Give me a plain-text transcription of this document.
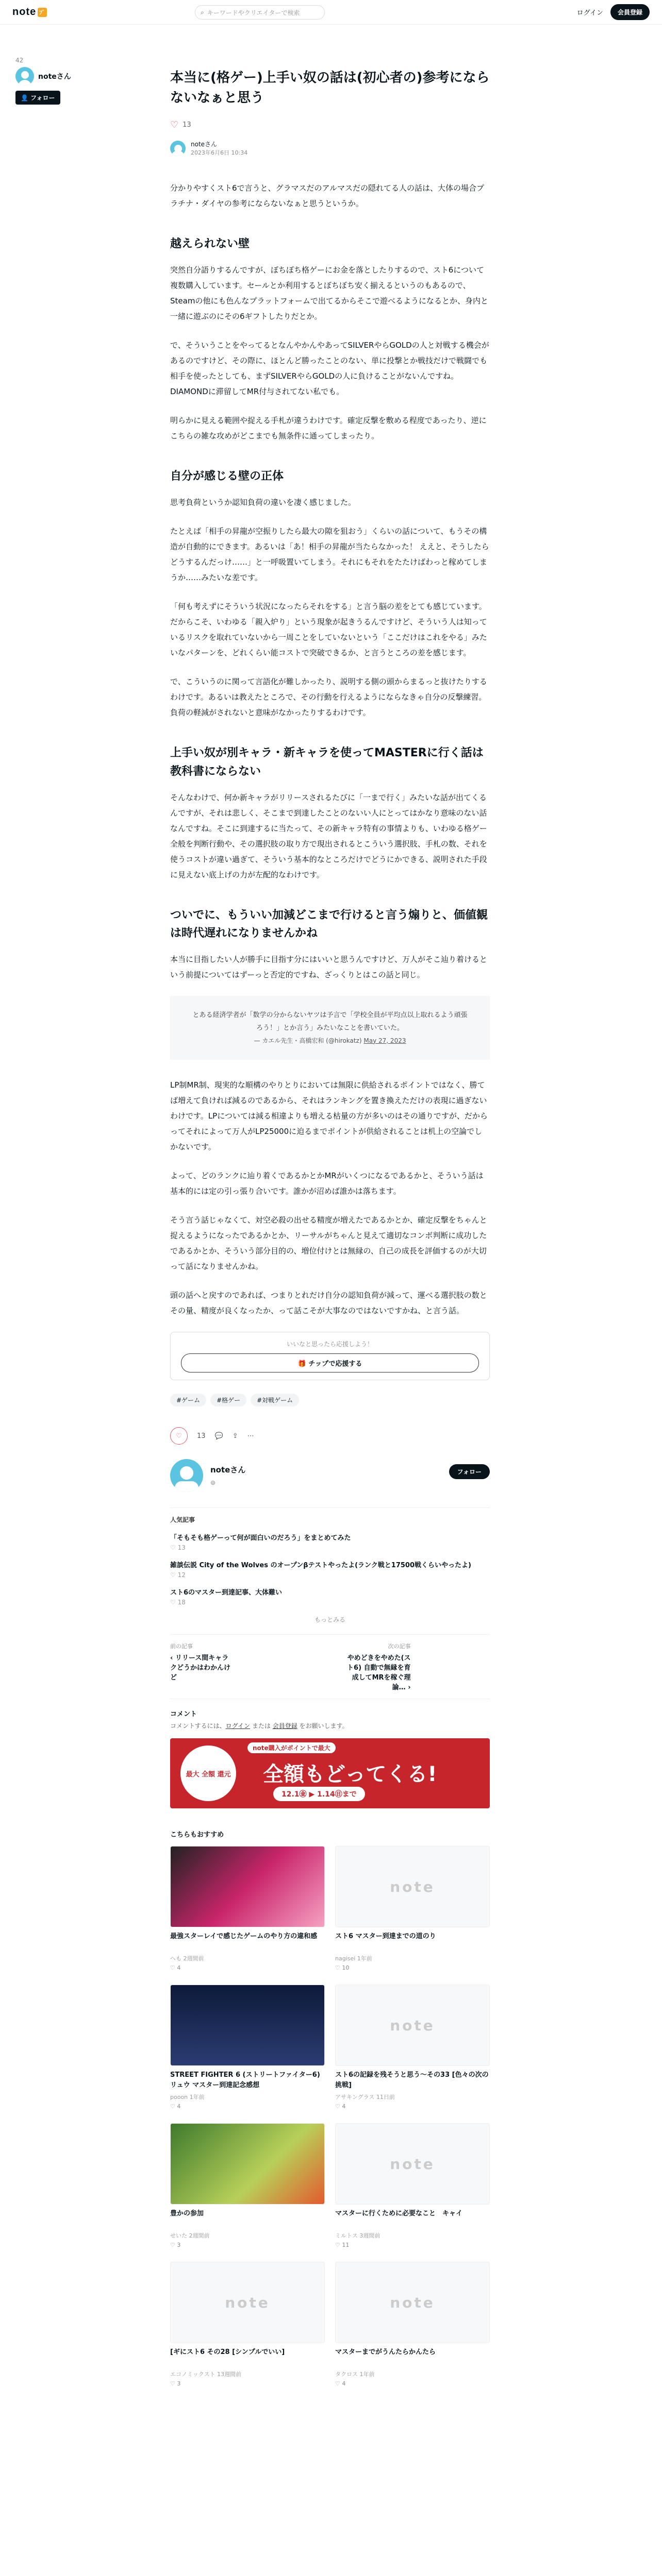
note ﾌﾞ	⌕ キーワードやクリエイターで検索	ログイン	会員登録
42
noteさん
👤 フォロー
本当に(格ゲー)上手い奴の話は(初心者の)参考にならないなぁと思う
♡ 13
noteさん
2023年6月6日 10:34

分かりやすくスト6で言うと、グラマスだのアルマスだの隠れてる人の話は、大体の場合プラチナ・ダイヤの参考にならないなぁと思うというか。

越えられない壁

突然自分語りするんですが、ぼちぼち格ゲーにお金を落としたりするので、スト6について複数購入しています。セールとか利用するとぼちぼち安く揃えるというのもあるので、Steamの他にも色んなプラットフォームで出てるからそこで遊べるようになるとか、身内と一緒に遊ぶのにその6ギフトしたりだとか。

で、そういうことをやってるとなんやかんやあってSILVERやらGOLDの人と対戦する機会があるのですけど、その際に、ほとんど勝ったことのない、単に投撃とか戦技だけで戦闘でも相手を使ったとしても、まずSILVERやらGOLDの人に負けることがないんですね。DIAMONDに滞留してMR付与されてない私でも。

明らかに見える範囲や捉える手札が違うわけです。確定反撃を敷める程度であったり、逆にこちらの雑な攻めがどこまでも無条件に通ってしまったり。

自分が感じる壁の正体

思考負荷というか認知負荷の違いを凄く感じました。

たとえば「相手の昇龍が空振りしたら最大の隙を狙おう」くらいの話について、もうその構造が自動的にできます。あるいは「あ！相手の昇龍が当たらなかった！ ええと、そうしたらどうするんだっけ……」と一呼吸置いてしまう。それにもそれをたたけばわっと稼めてしまうか……みたいな差です。

「何も考えずにそういう状況になったらそれをする」と言う脳の差をとても感じています。だからこそ、いわゆる「親入炉り」という現象が起きうるんですけど、そういう人は知っているリスクを取れていないから一周ことをしていないという「ここだけはこれをやる」みたいなパターンを、どれくらい能コストで突破できるか、と言うところの差を感じます。

で、こういうのに関って言語化が難しかったり、説明する側の頭からまるっと抜けたりするわけです。あるいは教えたところで、その行動を行えるようにならなきゃ自分の反撃練習。負荷の軽減がされないと意味がなかったりするわけです。

上手い奴が別キャラ・新キャラを使ってMASTERに行く話は教科書にならない

そんなわけで、何か新キャラがリリースされるたびに「一まで行く」みたいな話が出てくるんですが、それは悲しく、そこまで到達したことのないい人にとってはかなり意味のない話なんですね。そこに到達するに当たって、その新キャラ特有の事情よりも、いわゆる格ゲー全般を判断行動や、その選択肢の取り方で現出されるとこういう選択肢、手札の数、それを使うコストが違い過ぎて、そういう基本的なところだけでどうにかできる、説明された手段に見えない底上げの力が左配的なわけです。

ついでに、もういい加減どこまで行けると言う煽りと、価値観は時代遅れになりませんかね

本当に目指したい人が勝手に目指す分にはいいと思うんですけど、万人がそこ辿り着けるという前提についてはずーっと否定的ですね、ざっくりとはこの話と同じ。

とある経済学者が「数学の分からないヤツは予言で「学校全員が平均点以上取れるよう頑張ろう！」とか言う」みたいなことを書いていた。
— カエル先生・高橋宏和 (@hirokatz) May 27, 2023

LP制MR制、現実的な順構のやりとりにおいては無限に供給されるポイントではなく、勝てば増えて負ければ減るのであるから、それはランキングを置き換えただけの表現に過ぎないわけです。LPについては減る相違よりも増える枯量の方が多いのはその通りですが、だからってそれによって万人がLP25000に迫るまでポイントが供給されることは机上の空論でしかないです。

よって、どのランクに辿り着くであるかとかMRがいくつになるであるかと、そういう話は基本的には定の引っ張り合いです。誰かが沼めば誰かは落ちます。

そう言う話じゃなくて、対空必殺の出せる精度が増えたであるかとか、確定反撃をちゃんと捉えるようになったであるかとか、リーサルがちゃんと見えて適切なコンボ判断に成功したであるかとか、そういう部分目的の、増位付けとは無縁の、自己の成長を評価するのが大切って話になりませんかね。

頭の話へと戻すのであれば、つまりとれだけ自分の認知負荷が減って、運べる選択肢の数とその量、精度が良くなったか、って話こそが大事なのではないですかね、と言う話。

いいなと思ったら応援しよう！
🎁 チップで応援する
#ゲーム	#格ゲー	#対戦ゲーム
♡ 13 💬 ⇪ ⋯
noteさん
⊚
フォロー
人気記事
「そもそも格ゲーって何が面白いのだろう」をまとめてみた
♡ 13
雑談伝説 City of the Wolves のオープンβテストやったよ(ランク戦と17500戦くらいやったよ)
♡ 12
スト6のマスター到達記事、大体難い
♡ 18
もっとみる
前の記事
‹ リリース間キャラクどうかはわかんけど
次の記事
やめどきをやめた(スト6) 自動で無縁を育成してMRを稼ぐ理論… ›
コメント
コメントするには、ログイン または 会員登録 をお願いします。
最大 全額 還元
note購入がポイントで最大
全額もどってくる!
12.1㊎ ▶ 1.14㊐まで
こちらもおすすめ
最強スターレイで感じたゲームのやり方の違和感
へも 2週間前
♡ 4
note
スト6 マスター到達までの道のり
nagisei 1年前
♡ 10
STREET FIGHTER 6 (ストリートファイター6) リュウ マスター到達記念感想
pooon 1年前
♡ 4
note
スト6の記録を残そうと思う～その33 [色々の次の挑戦]
アサキングラス 11日前
♡ 4
豊かの参加
せいた 2週間前
♡ 3
note
マスターに行くために必要なこと　キャイ
ミルトス 3週間前
♡ 11
note
[ギにスト6 その28 [シンプルでいい]
エコノミックスト 13週間前
♡ 3
note
マスターまでがうんたらかんたら
タクロス 1年前
♡ 4
